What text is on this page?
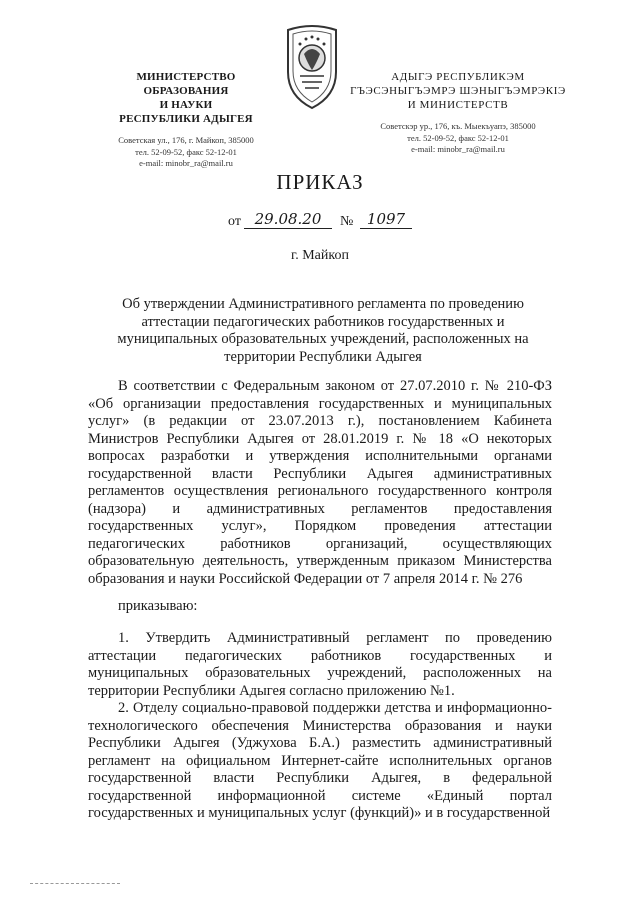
МИНИСТЕРСТВО ОБРАЗОВАНИЯ
И НАУКИ
РЕСПУБЛИКИ АДЫГЕЯ
Советская ул., 176, г. Майкоп, 385000
тел. 52-09-52, факс 52-12-01
e-mail: minobr_ra@mail.ru
АДЫГЭ РЕСПУБЛИКЭМ
ГЪЭСЭНЫГЪЭМРЭ ШЭНЫГЪЭМРЭКІЭ
И МИНИСТЕРСТВ
Советскэр ур., 176, къ. Мыекъуапэ, 385000
тел. 52-09-52, факс 52-12-01
e-mail: minobr_ra@mail.ru
ПРИКАЗ
от 29.08.20	№ 1097
г. Майкоп
Об утверждении Административного регламента по проведению аттестации педагогических работников государственных и муниципальных образовательных учреждений, расположенных на территории Республики Адыгея
В соответствии с Федеральным законом от 27.07.2010 г. № 210-ФЗ «Об организации предоставления государственных и муниципальных услуг» (в редакции от 23.07.2013 г.), постановлением Кабинета Министров Республики Адыгея от 28.01.2019 г. № 18 «О некоторых вопросах разработки и утверждения исполнительными органами государственной власти Республики Адыгея административных регламентов осуществления регионального государственного контроля (надзора) и административных регламентов предоставления государственных услуг», Порядком проведения аттестации педагогических работников организаций, осуществляющих образовательную деятельность, утвержденным приказом Министерства образования и науки Российской Федерации от 7 апреля 2014 г. № 276
приказываю:
1. Утвердить Административный регламент по проведению аттестации педагогических работников государственных и муниципальных образовательных учреждений, расположенных на территории Республики Адыгея согласно приложению №1.
2. Отделу социально-правовой поддержки детства и информационно-технологического обеспечения Министерства образования и науки Республики Адыгея (Уджухова Б.А.) разместить административный регламент на официальном Интернет-сайте исполнительных органов государственной власти Республики Адыгея, в федеральной государственной информационной системе «Единый портал государственных и муниципальных услуг (функций)» и в государственной
